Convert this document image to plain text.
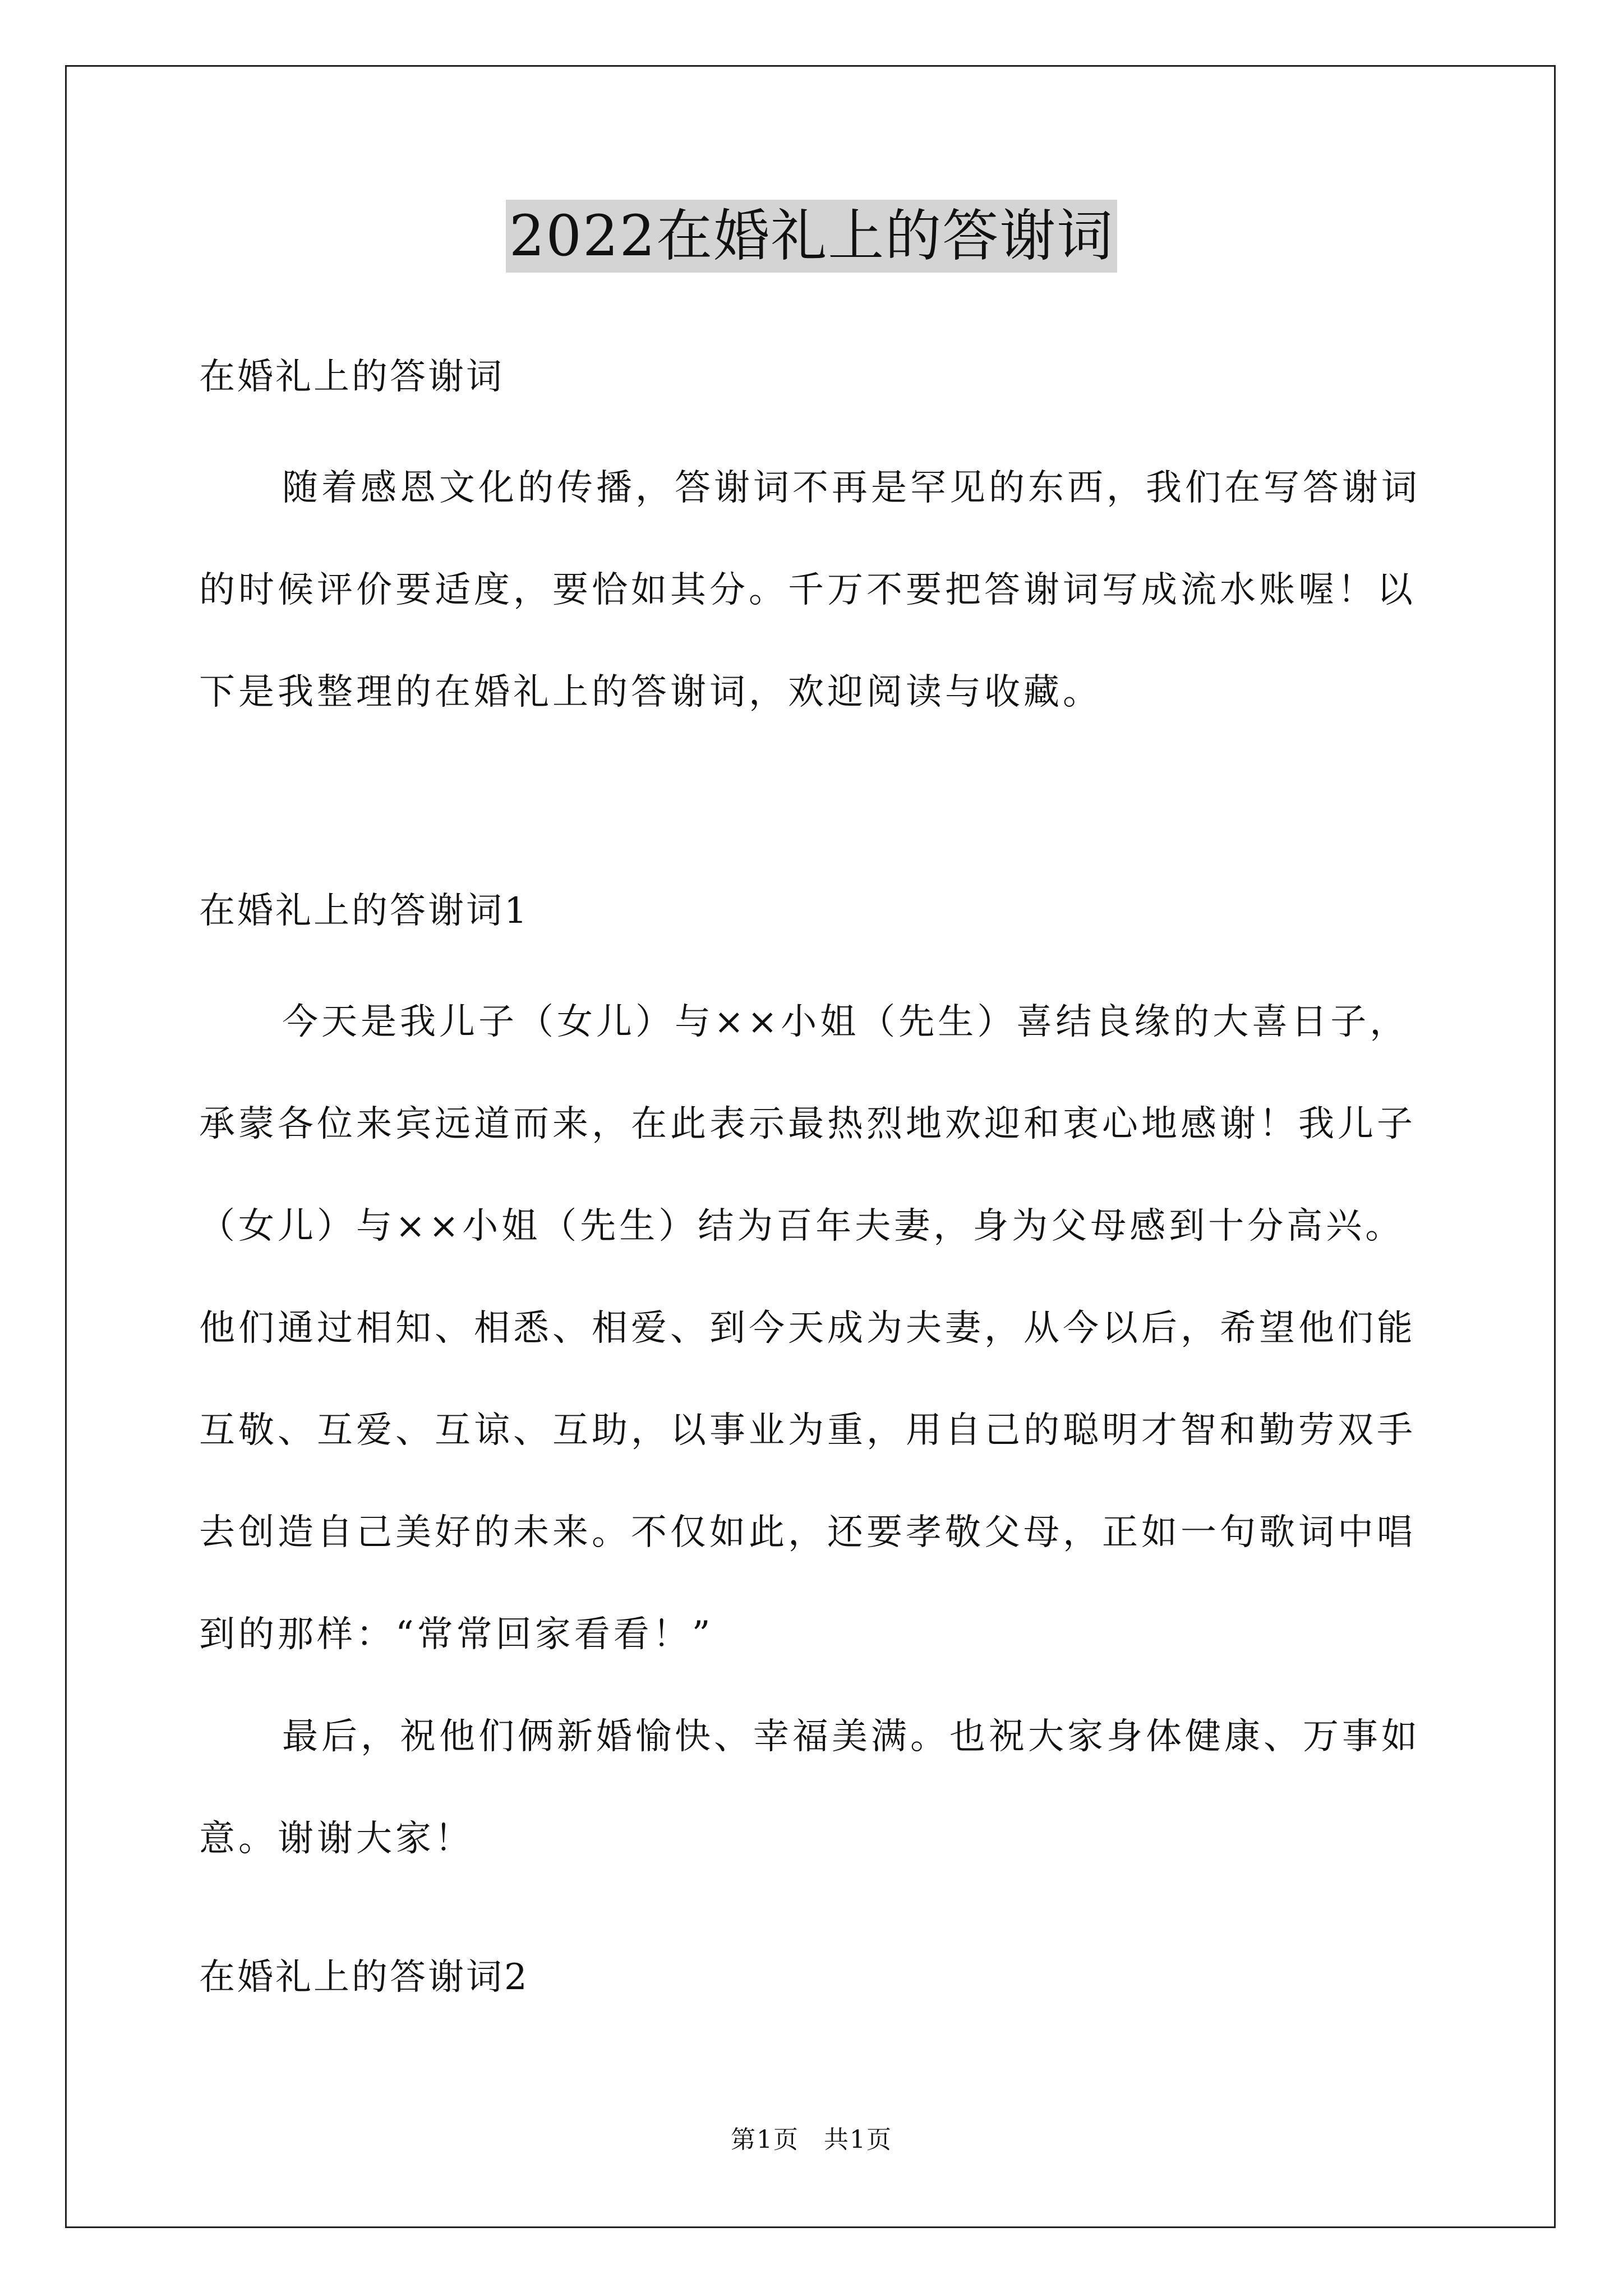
2022在婚礼上的答谢词
在婚礼上的答谢词

随着感恩文化的传播，答谢词不再是罕见的东西，我们在写答谢词的时候评价要适度，要恰如其分。千万不要把答谢词写成流水账喔！以下是我整理的在婚礼上的答谢词，欢迎阅读与收藏。

在婚礼上的答谢词1

今天是我儿子（女儿）与××小姐（先生）喜结良缘的大喜日子，承蒙各位来宾远道而来，在此表示最热烈地欢迎和衷心地感谢！我儿子（女儿）与××小姐（先生）结为百年夫妻，身为父母感到十分高兴。他们通过相知、相悉、相爱、到今天成为夫妻，从今以后，希望他们能互敬、互爱、互谅、互助，以事业为重，用自己的聪明才智和勤劳双手去创造自己美好的未来。不仅如此，还要孝敬父母，正如一句歌词中唱到的那样：“常常回家看看！”

最后，祝他们俩新婚愉快、幸福美满。也祝大家身体健康、万事如意。谢谢大家！

在婚礼上的答谢词2
第1页 共1页
